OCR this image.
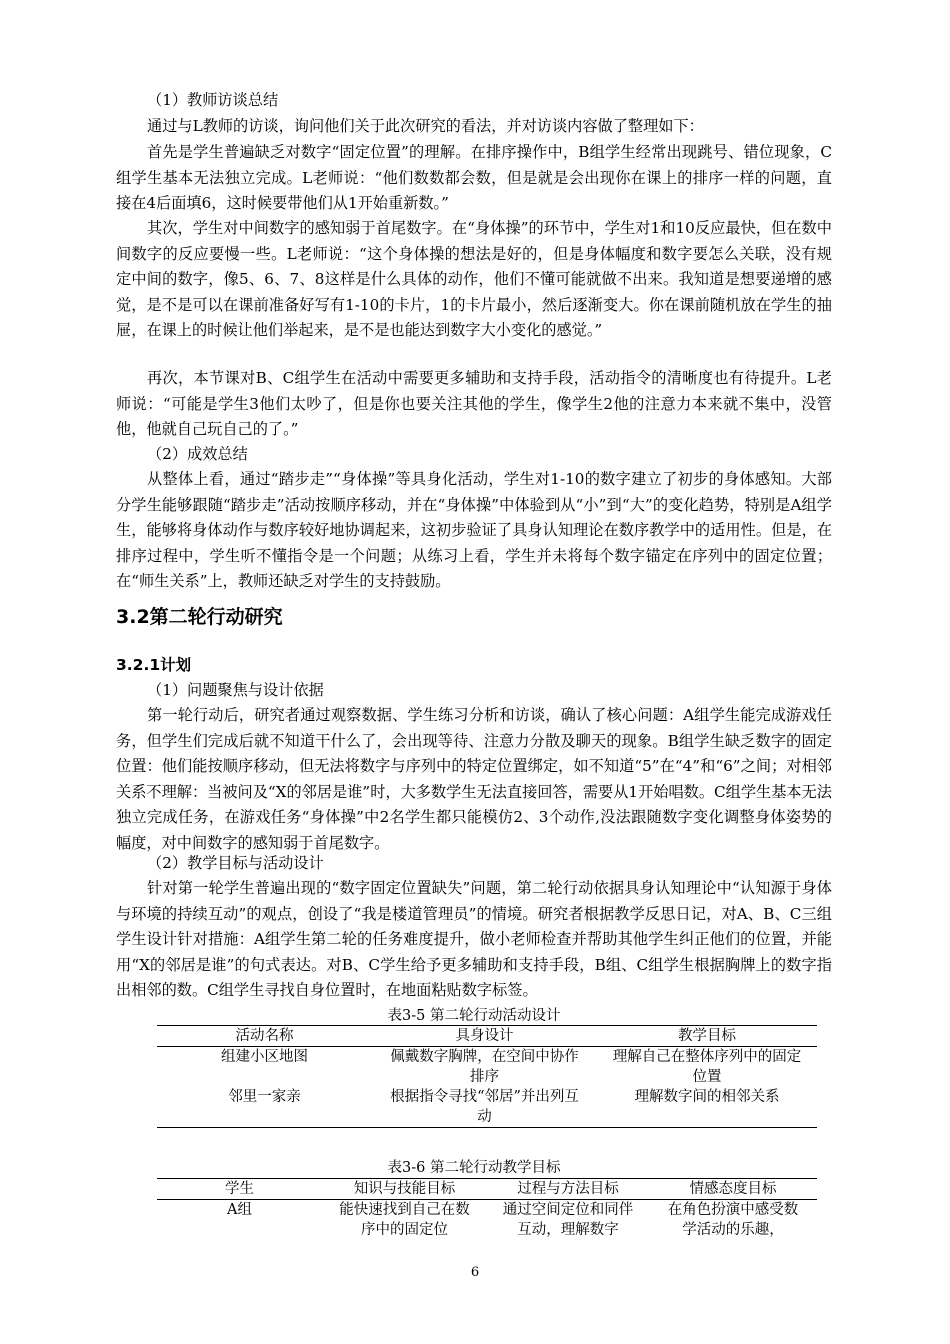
（1）教师访谈总结

通过与L教师的访谈，询问他们关于此次研究的看法，并对访谈内容做了整理如下：

首先是学生普遍缺乏对数字“固定位置”的理解。在排序操作中，B组学生经常出现跳号、错位现象，C组学生基本无法独立完成。L老师说：“他们数数都会数，但是就是会出现你在课上的排序一样的问题，直接在4后面填6，这时候要带他们从1开始重新数。”

其次，学生对中间数字的感知弱于首尾数字。在“身体操”的环节中，学生对1和10反应最快，但在数中间数字的反应要慢一些。L老师说：“这个身体操的想法是好的，但是身体幅度和数字要怎么关联，没有规定中间的数字，像5、6、7、8这样是什么具体的动作，他们不懂可能就做不出来。我知道是想要递增的感觉，是不是可以在课前准备好写有1-10的卡片，1的卡片最小，然后逐渐变大。你在课前随机放在学生的抽屉，在课上的时候让他们举起来，是不是也能达到数字大小变化的感觉。”

再次，本节课对B、C组学生在活动中需要更多辅助和支持手段，活动指令的清晰度也有待提升。L老师说：“可能是学生3他们太吵了，但是你也要关注其他的学生，像学生2他的注意力本来就不集中，没管他，他就自己玩自己的了。”

（2）成效总结

从整体上看，通过“踏步走”“身体操”等具身化活动，学生对1-10的数字建立了初步的身体感知。大部分学生能够跟随“踏步走”活动按顺序移动，并在“身体操”中体验到从“小”到“大”的变化趋势，特别是A组学生，能够将身体动作与数序较好地协调起来，这初步验证了具身认知理论在数序教学中的适用性。但是，在排序过程中，学生听不懂指令是一个问题；从练习上看，学生并未将每个数字锚定在序列中的固定位置；在“师生关系”上，教师还缺乏对学生的支持鼓励。

3.2第二轮行动研究
3.2.1计划

（1）问题聚焦与设计依据

第一轮行动后，研究者通过观察数据、学生练习分析和访谈，确认了核心问题：A组学生能完成游戏任务，但学生们完成后就不知道干什么了，会出现等待、注意力分散及聊天的现象。B组学生缺乏数字的固定位置：他们能按顺序移动，但无法将数字与序列中的特定位置绑定，如不知道“5”在“4”和“6”之间；对相邻关系不理解：当被问及“X的邻居是谁”时，大多数学生无法直接回答，需要从1开始唱数。C组学生基本无法独立完成任务，在游戏任务“身体操”中2名学生都只能模仿2、3个动作,没法跟随数字变化调整身体姿势的幅度，对中间数字的感知弱于首尾数字。

（2）教学目标与活动设计

针对第一轮学生普遍出现的“数字固定位置缺失”问题，第二轮行动依据具身认知理论中“认知源于身体与环境的持续互动”的观点，创设了“我是楼道管理员”的情境。研究者根据教学反思日记，对A、B、C三组学生设计针对措施：A组学生第二轮的任务难度提升，做小老师检查并帮助其他学生纠正他们的位置，并能用“X的邻居是谁”的句式表达。对B、C学生给予更多辅助和支持手段，B组、C组学生根据胸牌上的数字指出相邻的数。C组学生寻找自身位置时，在地面粘贴数字标签。

表3-5 第二轮行动活动设计

活动名称	具身设计	教学目标
组建小区地图	佩戴数字胸牌，在空间中协作排序	理解自己在整体序列中的固定位置
邻里一家亲	根据指令寻找“邻居”并出列互动	理解数字间的相邻关系

表3-6 第二轮行动教学目标

学生	知识与技能目标	过程与方法目标	情感态度目标
A组	能快速找到自己在数序中的固定位	通过空间定位和同伴互动，理解数字	在角色扮演中感受数学活动的乐趣，
6
